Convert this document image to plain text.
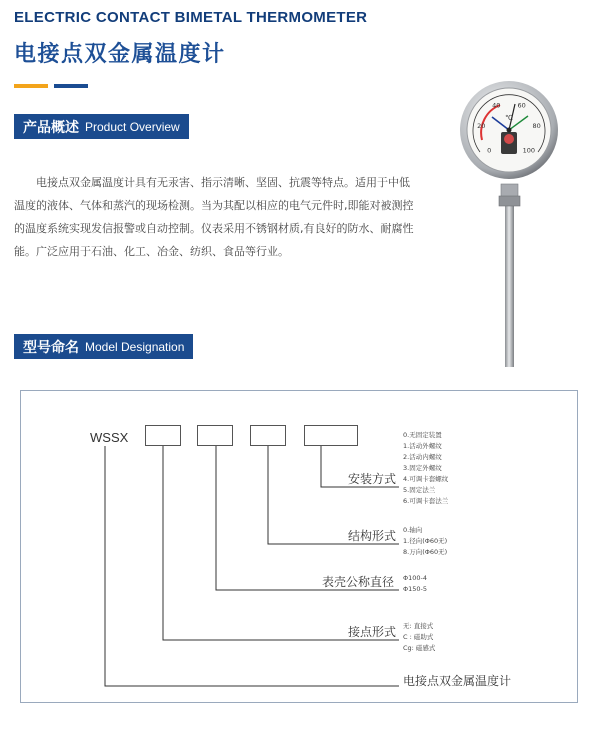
ELECTRIC CONTACT BIMETAL THERMOMETER
电接点双金属温度计
产品概述 Product Overview
电接点双金属温度计具有无汞害、指示清晰、坚固、抗震等特点。适用于中低温度的液体、气体和蒸汽的现场检测。当为其配以相应的电气元件时,即能对被测控的温度系统实现发信报警或自动控制。仪表采用不锈钢材质,有良好的防水、耐腐性能。广泛应用于石油、化工、冶金、纺织、食品等行业。
0
20
40	60
80
100
℃
型号命名 Model Designation
WSSX
安装方式
0.无固定装置
1.活动外螺纹
2.活动内螺纹
3.固定外螺纹
4.可调卡套螺纹
5.固定法兰
6.可调卡套法兰
结构形式 0.轴向
1.径向(Φ60无)
8.万向(Φ60无)
表壳公称直径 Φ100-4
Φ150-5
接点形式 无: 直接式
C : 磁助式
Cg: 磁感式
电接点双金属温度计
